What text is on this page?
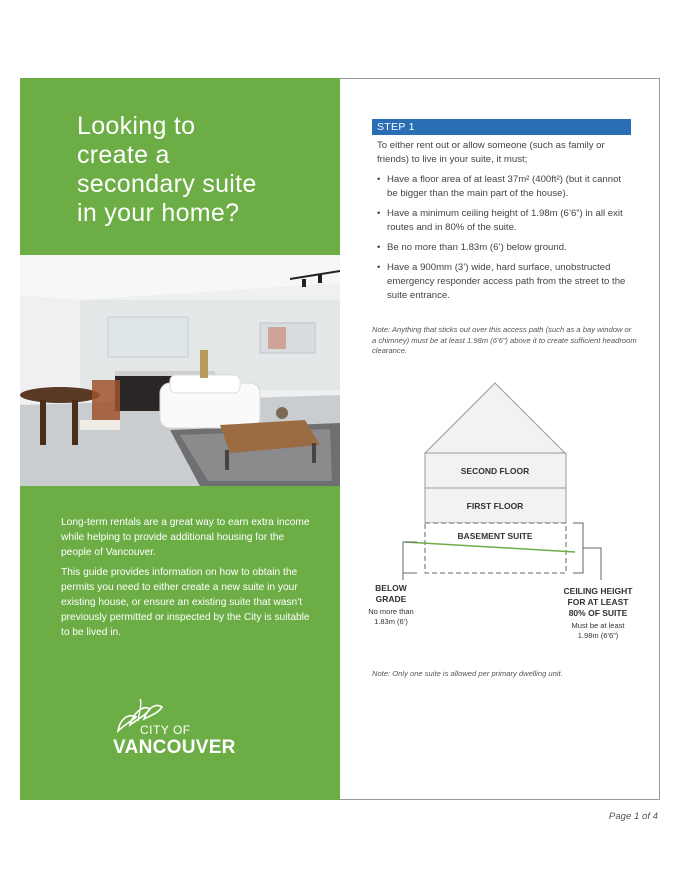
Looking to
create a
secondary suite
in your home?

Long-term rentals are a great way to earn extra income while helping to provide additional housing for the people of Vancouver.

This guide provides information on how to obtain the permits you need to either create a new suite in your existing house, or ensure an existing suite that wasn’t previously permitted or inspected by the City is suitable to be lived in.

CITY OF
VANCOUVER
STEP 1
To either rent out or allow someone (such as family or friends) to live in your suite, it must;
• Have a floor area of at least 37m² (400ft²) (but it cannot be bigger than the main part of the house).
• Have a minimum ceiling height of 1.98m (6’6”) in all exit routes and in 80% of the suite.
• Be no more than 1.83m (6’) below ground.
• Have a 900mm (3’) wide, hard surface, unobstructed emergency responder access path from the street to the suite entrance.
Note: Anything that sticks out over this access path (such as a bay window or a chimney) must be at least 1.98m (6’6”) above it to create sufficient headroom clearance.
SECOND FLOOR
FIRST FLOOR
BASEMENT SUITE
BELOW
GRADE
No more than
1.83m (6’)
CEILING HEIGHT
FOR AT LEAST
80% OF SUITE
Must be at least
1.98m (6’6”)
Note: Only one suite is allowed per primary dwelling unit.
Page 1 of 4
